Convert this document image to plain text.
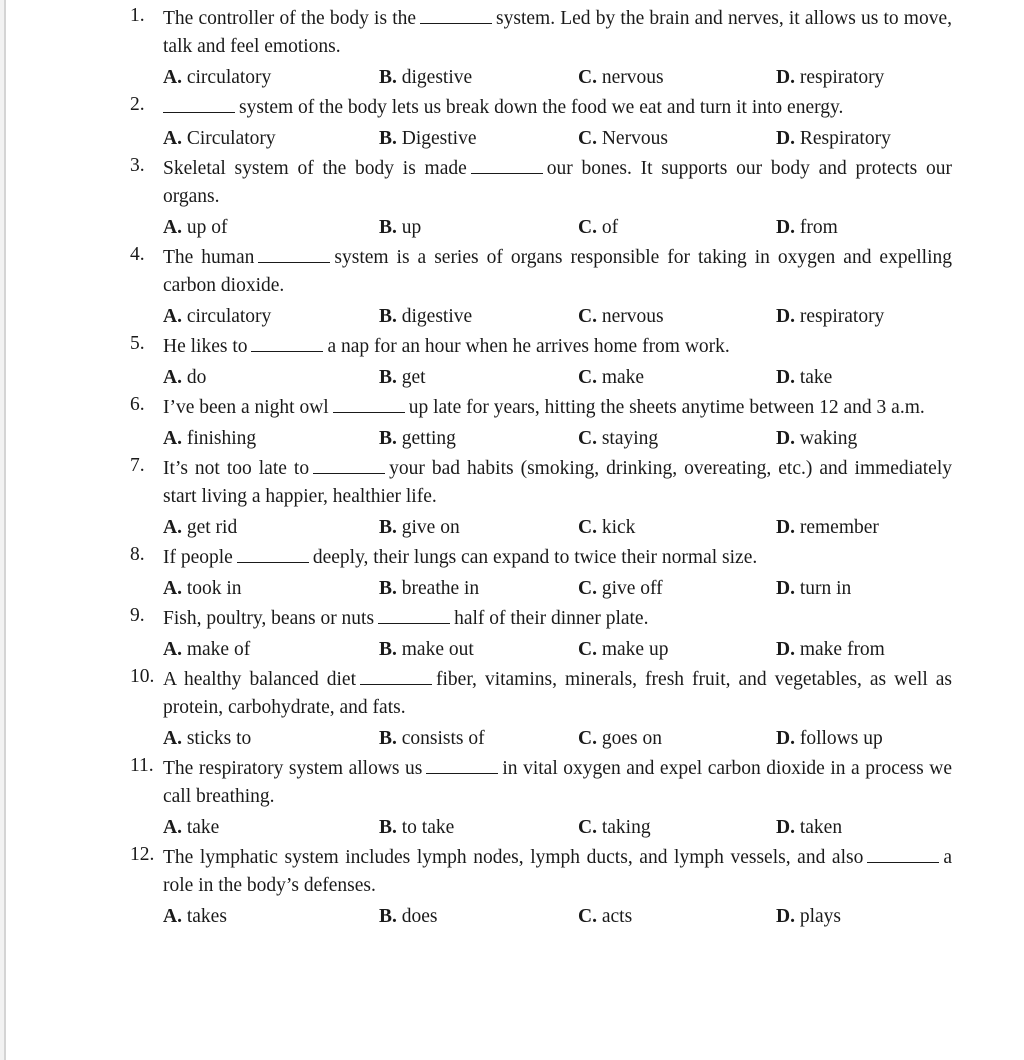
1. The controller of the body is the	system. Led by the brain and nerves, it allows us to move, talk and feel emotions.
A. circulatory	B. digestive	C. nervous	D. respiratory
2.	system of the body lets us break down the food we eat and turn it into energy.
A. Circulatory	B. Digestive	C. Nervous	D. Respiratory
3. Skeletal system of the body is made	our bones. It supports our body and protects our organs.
A. up of	B. up	C. of	D. from
4. The human	system is a series of organs responsible for taking in oxygen and expelling carbon dioxide.
A. circulatory	B. digestive	C. nervous	D. respiratory
5. He likes to	a nap for an hour when he arrives home from work.
A. do	B. get	C. make	D. take
6. I’ve been a night owl	up late for years, hitting the sheets anytime between 12 and 3 a.m.
A. finishing	B. getting	C. staying	D. waking
7. It’s not too late to	your bad habits (smoking, drinking, overeating, etc.) and immediately start living a happier, healthier life.
A. get rid	B. give on	C. kick	D. remember
8. If people	deeply, their lungs can expand to twice their normal size.
A. took in	B. breathe in	C. give off	D. turn in
9. Fish, poultry, beans or nuts	half of their dinner plate.
A. make of	B. make out	C. make up	D. make from
10. A healthy balanced diet	fiber, vitamins, minerals, fresh fruit, and vegetables, as well as protein, carbohydrate, and fats.
A. sticks to	B. consists of	C. goes on	D. follows up
11. The respiratory system allows us	in vital oxygen and expel carbon dioxide in a process we call breathing.
A. take	B. to take	C. taking	D. taken
12. The lymphatic system includes lymph nodes, lymph ducts, and lymph vessels, and also	a role in the body’s defenses.
A. takes	B. does	C. acts	D. plays
